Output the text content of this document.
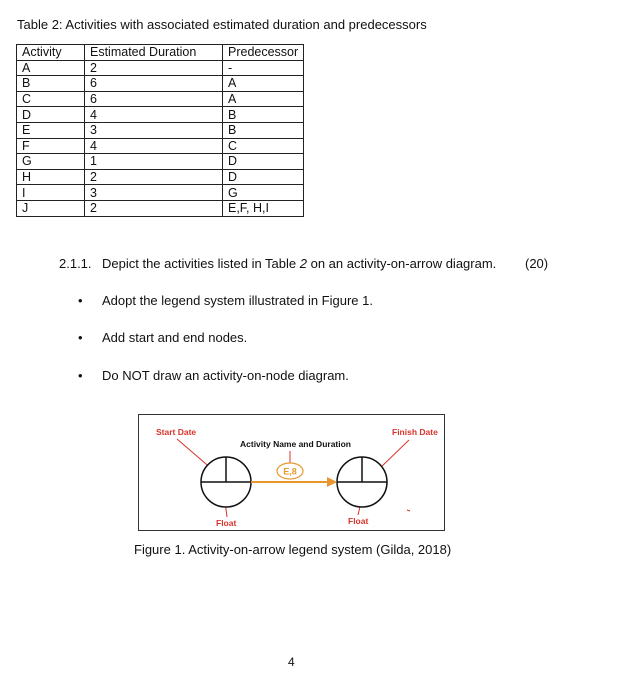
Table 2: Activities with associated estimated duration and predecessors
Activity	Estimated Duration	Predecessor
A	2	-
B	6	A
C	6	A
D	4	B
E	3	B
F	4	C
G	1	D
H	2	D
I	3	G
J	2	E,F, H,I
2.1.1. Depict the activities listed in Table 2 on an activity-on-arrow diagram. (20)
• Adopt the legend system illustrated in Figure 1.
• Add start and end nodes.
• Do NOT draw an activity-on-node diagram.
Start Date	Finish Date
Activity Name and Duration
Float	Float
E,8
Figure 1. Activity-on-arrow legend system (Gilda, 2018)
4
